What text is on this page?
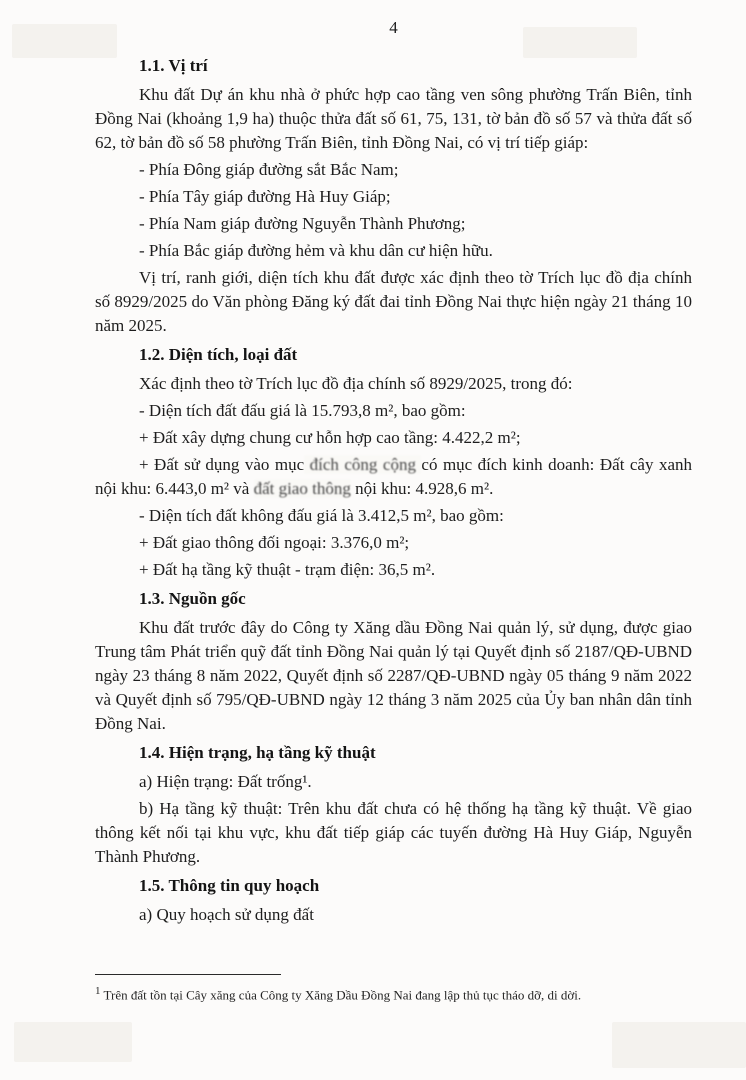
4
1.1. Vị trí

Khu đất Dự án khu nhà ở phức hợp cao tầng ven sông phường Trấn Biên, tỉnh Đồng Nai (khoảng 1,9 ha) thuộc thửa đất số 61, 75, 131, tờ bản đồ số 57 và thửa đất số 62, tờ bản đồ số 58 phường Trấn Biên, tỉnh Đồng Nai, có vị trí tiếp giáp:

- Phía Đông giáp đường sắt Bắc Nam;

- Phía Tây giáp đường Hà Huy Giáp;

- Phía Nam giáp đường Nguyễn Thành Phương;

- Phía Bắc giáp đường hẻm và khu dân cư hiện hữu.

Vị trí, ranh giới, diện tích khu đất được xác định theo tờ Trích lục đồ địa chính số 8929/2025 do Văn phòng Đăng ký đất đai tỉnh Đồng Nai thực hiện ngày 21 tháng 10 năm 2025.

1.2. Diện tích, loại đất

Xác định theo tờ Trích lục đồ địa chính số 8929/2025, trong đó:

- Diện tích đất đấu giá là 15.793,8 m², bao gồm:

+ Đất xây dựng chung cư hỗn hợp cao tầng: 4.422,2 m²;

+ Đất sử dụng vào mục đích công cộng có mục đích kinh doanh: Đất cây xanh nội khu: 6.443,0 m² và đất giao thông nội khu: 4.928,6 m².

- Diện tích đất không đấu giá là 3.412,5 m², bao gồm:

+ Đất giao thông đối ngoại: 3.376,0 m²;

+ Đất hạ tầng kỹ thuật - trạm điện: 36,5 m².

1.3. Nguồn gốc

Khu đất trước đây do Công ty Xăng dầu Đồng Nai quản lý, sử dụng, được giao Trung tâm Phát triển quỹ đất tỉnh Đồng Nai quản lý tại Quyết định số 2187/QĐ-UBND ngày 23 tháng 8 năm 2022, Quyết định số 2287/QĐ-UBND ngày 05 tháng 9 năm 2022 và Quyết định số 795/QĐ-UBND ngày 12 tháng 3 năm 2025 của Ủy ban nhân dân tỉnh Đồng Nai.

1.4. Hiện trạng, hạ tầng kỹ thuật

a) Hiện trạng: Đất trống¹.

b) Hạ tầng kỹ thuật: Trên khu đất chưa có hệ thống hạ tầng kỹ thuật. Về giao thông kết nối tại khu vực, khu đất tiếp giáp các tuyến đường Hà Huy Giáp, Nguyễn Thành Phương.

1.5. Thông tin quy hoạch

a) Quy hoạch sử dụng đất

$^1$ Trên đất tồn tại Cây xăng của Công ty Xăng Dầu Đồng Nai đang lập thủ tục tháo dỡ, di dời.
